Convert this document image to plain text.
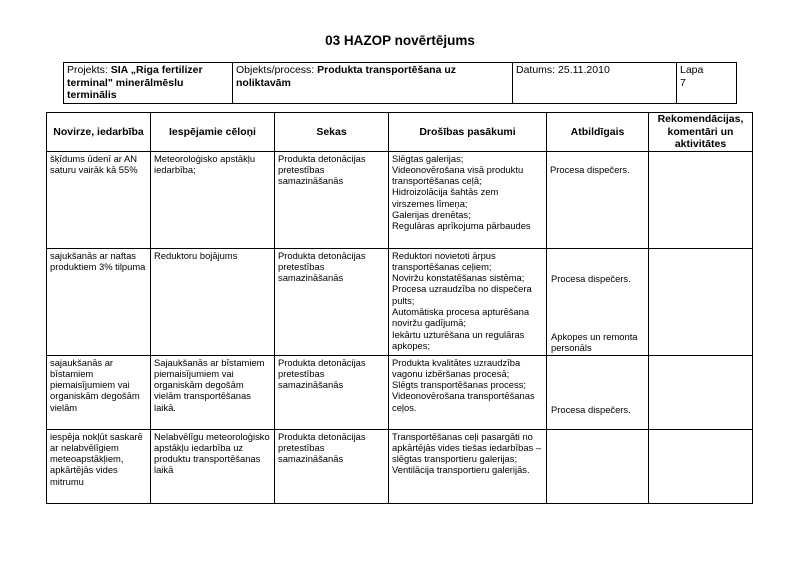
03 HAZOP novērtējums
Projekts: SIA „Riga fertilizer terminal" minerālmēslu terminālis	Objekts/process: Produkta transportēšana uz noliktavām	Datums: 25.11.2010	Lapa
7
Novirze, iedarbība	Iespējamie cēloņi	Sekas	Drošības pasākumi	Atbildīgais	Rekomendācijas, komentāri un aktivitātes
šķīdums ūdenī ar AN saturu vairāk kā 55%	Meteoroloģisko apstākļu iedarbība;	Produkta detonācijas pretestības samazināšanās	Slēgtas galerijas;
Videonovērošana visā produktu transportēšanas ceļā;
Hidroizolācija šahtās zem virszemes līmeņa;
Galerijas drenētas;
Regulāras aprīkojuma pārbaudes	Procesa dispečers.	

sajukšanās ar naftas produktiem 3% tilpuma	Reduktoru bojājums	Produkta detonācijas pretestības samazināšanās	Reduktori novietoti ārpus transportēšanas ceļiem;
Noviržu konstatēšanas sistēma;
Procesa uzraudzība no dispečera pults;
Automātiska procesa apturēšana noviržu gadījumā;
Iekārtu uzturēšana un regulāras apkopes;	Procesa dispečers.
Apkopes un remonta personāls	

sajaukšanās ar bīstamiem piemaisījumiem vai organiskām degošām vielām	Sajaukšanās ar bīstamiem piemaisījumiem vai organiskām degošām vielām transportēšanas laikā.	Produkta detonācijas pretestības samazināšanās	Produkta kvalitātes uzraudzība vagonu izbēršanas procesā;
Slēgts transportēšanas process;
Videonovērošana transportēšanas ceļos.	Procesa dispečers.	

iespēja nokļūt saskarē ar nelabvēlīgiem meteoapstākļiem, apkārtējās vides mitrumu	Nelabvēlīgu meteoroloģisko apstākļu iedarbība uz produktu transportēšanas laikā	Produkta detonācijas pretestības samazināšanās	Transportēšanas ceļi pasargāti no apkārtējās vides tiešas iedarbības – slēgtas transportieru galerijas;
Ventilācija transportieru galerijās.		
